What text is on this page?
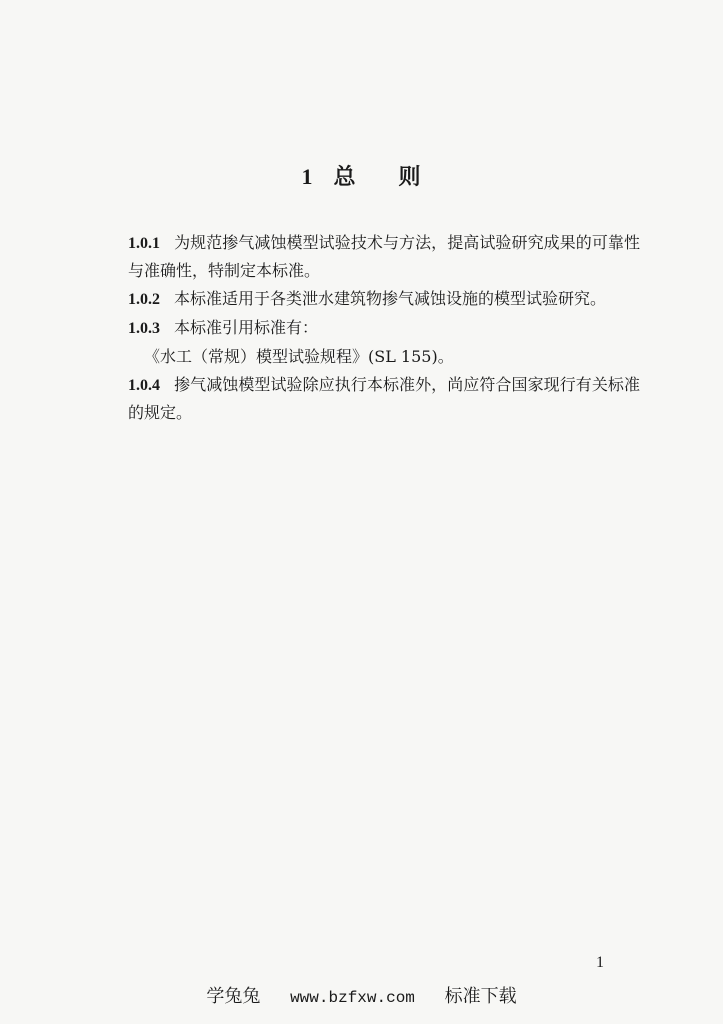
1 总 则

1.0.1 为规范掺气减蚀模型试验技术与方法，提高试验研究成果的可靠性与准确性，特制定本标准。

1.0.2 本标准适用于各类泄水建筑物掺气减蚀设施的模型试验研究。

1.0.3 本标准引用标准有：

《水工（常规）模型试验规程》(SL 155)。

1.0.4 掺气减蚀模型试验除应执行本标准外，尚应符合国家现行有关标准的规定。

1
学兔兔 www.bzfxw.com 标准下载
